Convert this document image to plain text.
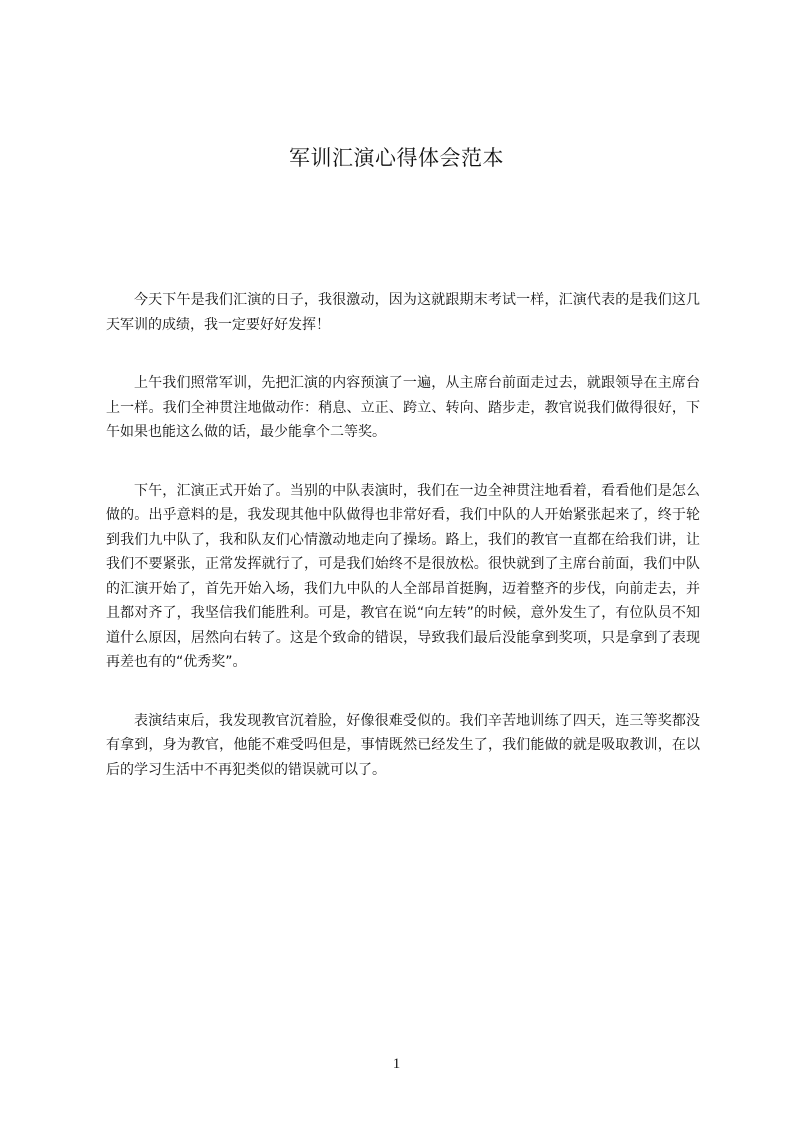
军训汇演心得体会范本

今天下午是我们汇演的日子，我很激动，因为这就跟期末考试一样，汇演代表的是我们这几天军训的成绩，我一定要好好发挥！

上午我们照常军训，先把汇演的内容预演了一遍，从主席台前面走过去，就跟领导在主席台上一样。我们全神贯注地做动作：稍息、立正、跨立、转向、踏步走，教官说我们做得很好，下午如果也能这么做的话，最少能拿个二等奖。

下午，汇演正式开始了。当别的中队表演时，我们在一边全神贯注地看着，看看他们是怎么做的。出乎意料的是，我发现其他中队做得也非常好看，我们中队的人开始紧张起来了，终于轮到我们九中队了，我和队友们心情激动地走向了操场。路上，我们的教官一直都在给我们讲，让我们不要紧张，正常发挥就行了，可是我们始终不是很放松。很快就到了主席台前面，我们中队的汇演开始了，首先开始入场，我们九中队的人全部昂首挺胸，迈着整齐的步伐，向前走去，并且都对齐了，我坚信我们能胜利。可是，教官在说“向左转”的时候，意外发生了，有位队员不知道什么原因，居然向右转了。这是个致命的错误，导致我们最后没能拿到奖项，只是拿到了表现再差也有的“优秀奖”。

表演结束后，我发现教官沉着脸，好像很难受似的。我们辛苦地训练了四天，连三等奖都没有拿到，身为教官，他能不难受吗但是，事情既然已经发生了，我们能做的就是吸取教训，在以后的学习生活中不再犯类似的错误就可以了。

1
